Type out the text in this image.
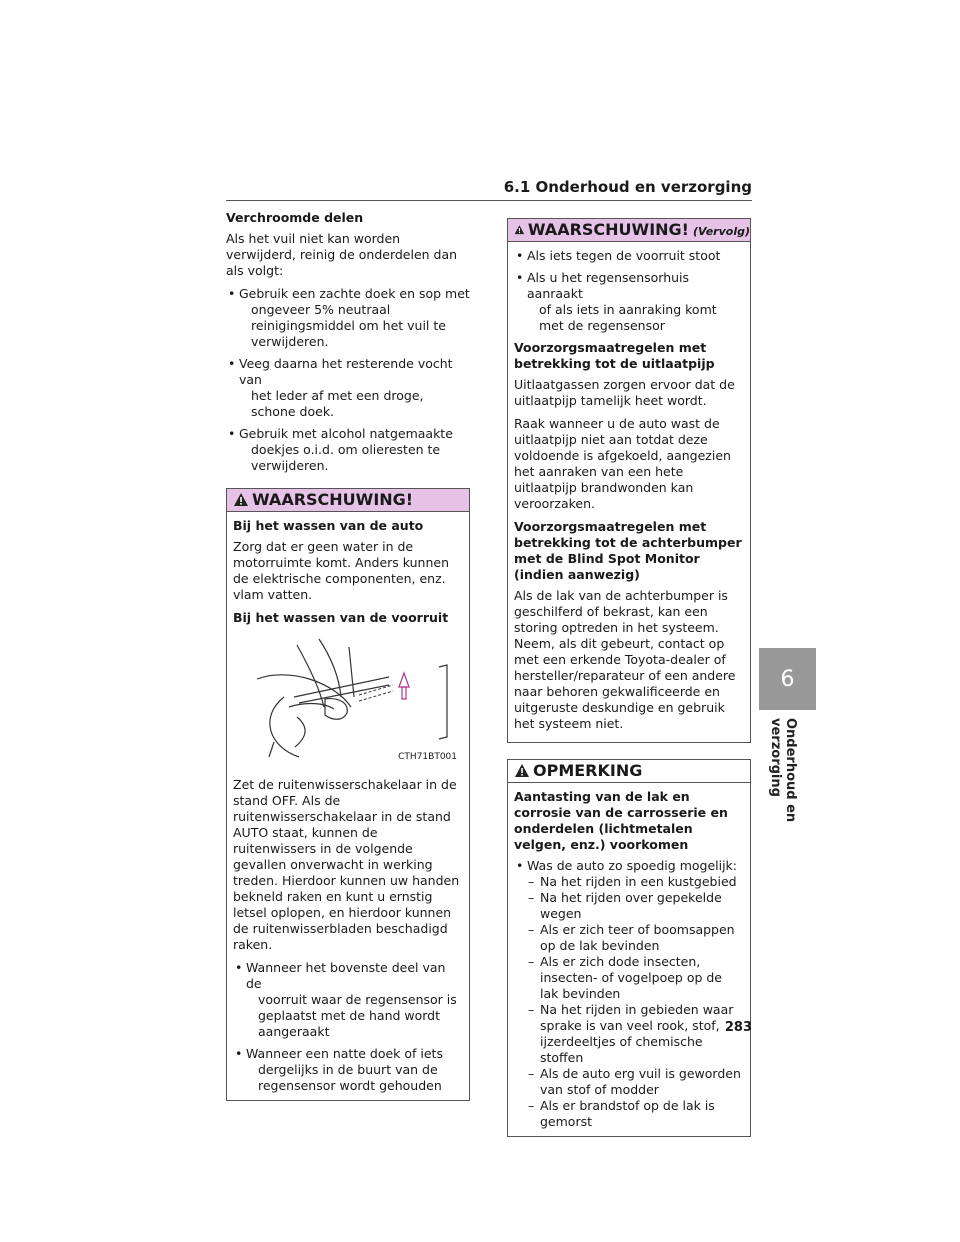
6.1 Onderhoud en verzorging
Verchroomde delen
Als het vuil niet kan worden verwijderd, reinig de onderdelen dan als volgt:
• Gebruik een zachte doek en sop met
ongeveer 5% neutraal reinigingsmiddel om het vuil te verwijderen.
• Veeg daarna het resterende vocht van
het leder af met een droge, schone doek.
• Gebruik met alcohol natgemaakte
doekjes o.i.d. om olieresten te verwijderen.
WAARSCHUWING!
Bij het wassen van de auto
Zorg dat er geen water in de motorruimte komt. Anders kunnen de elektrische componenten, enz. vlam vatten.
Bij het wassen van de voorruit
CTH71BT001
Zet de ruitenwisserschakelaar in de stand OFF. Als de ruitenwisserschakelaar in de stand AUTO staat, kunnen de ruitenwissers in de volgende gevallen onverwacht in werking treden. Hierdoor kunnen uw handen bekneld raken en kunt u ernstig letsel oplopen, en hierdoor kunnen de ruitenwisserbladen beschadigd raken.
• Wanneer het bovenste deel van de
voorruit waar de regensensor is geplaatst met de hand wordt aangeraakt
• Wanneer een natte doek of iets
dergelijks in de buurt van de regensensor wordt gehouden
WAARSCHUWING! (Vervolg)
• Als iets tegen de voorruit stoot
• Als u het regensensorhuis aanraakt
of als iets in aanraking komt met de regensensor
Voorzorgsmaatregelen met betrekking tot de uitlaatpijp
Uitlaatgassen zorgen ervoor dat de uitlaatpijp tamelijk heet wordt.
Raak wanneer u de auto wast de uitlaatpijp niet aan totdat deze voldoende is afgekoeld, aangezien het aanraken van een hete uitlaatpijp brandwonden kan veroorzaken.
Voorzorgsmaatregelen met betrekking tot de achterbumper met de Blind Spot Monitor (indien aanwezig)
Als de lak van de achterbumper is geschilferd of bekrast, kan een storing optreden in het systeem. Neem, als dit gebeurt, contact op met een erkende Toyota-dealer of hersteller/reparateur of een andere naar behoren gekwalificeerde en uitgeruste deskundige en gebruik het systeem niet.
OPMERKING
Aantasting van de lak en corrosie van de carrosserie en onderdelen (lichtmetalen velgen, enz.) voorkomen
• Was de auto zo spoedig mogelijk:
– Na het rijden in een kustgebied
– Na het rijden over gepekelde wegen
– Als er zich teer of boomsappen op de lak bevinden
– Als er zich dode insecten, insecten- of vogelpoep op de lak bevinden
– Na het rijden in gebieden waar sprake is van veel rook, stof, ijzerdeeltjes of chemische stoffen
– Als de auto erg vuil is geworden van stof of modder
– Als er brandstof op de lak is gemorst
6
Onderhoud en verzorging
283
